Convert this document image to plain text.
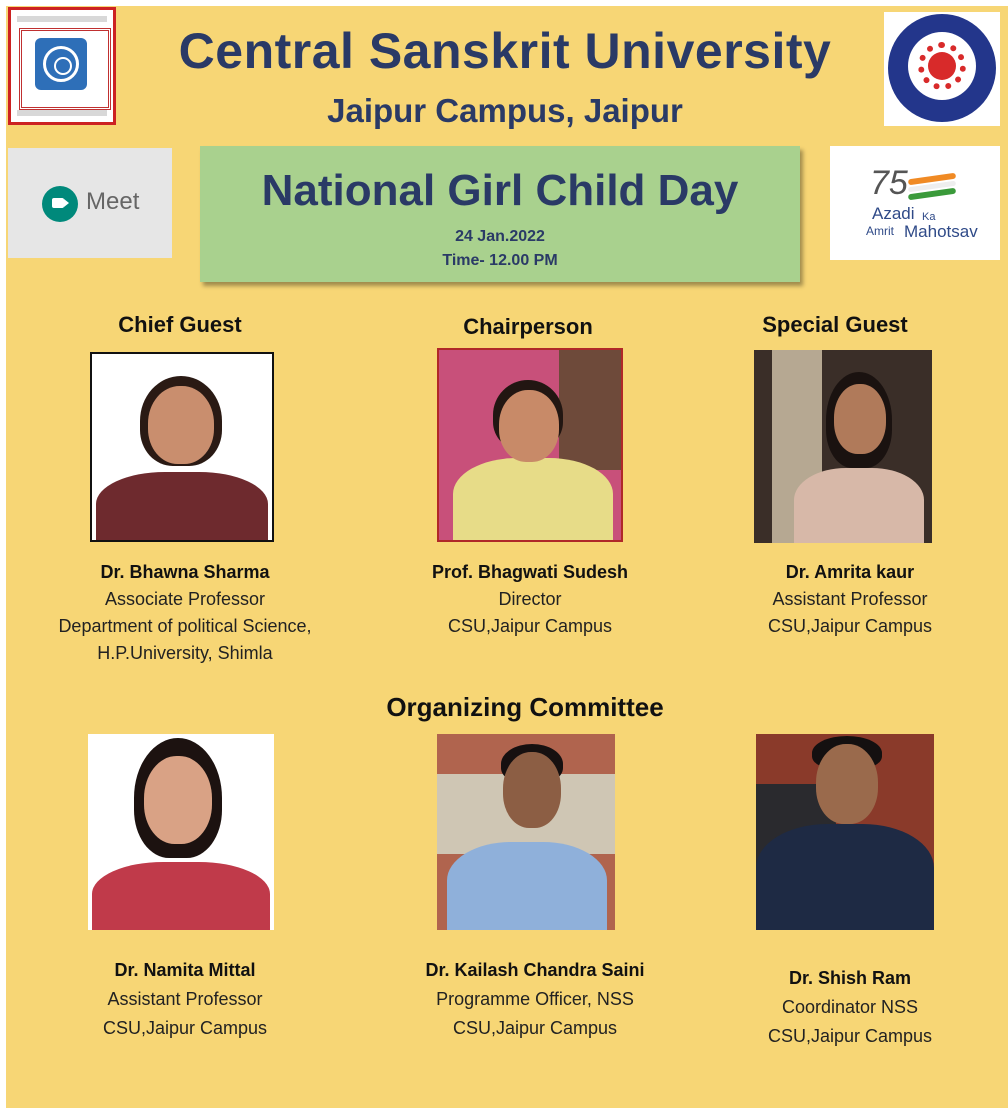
Central Sanskrit University
Jaipur Campus, Jaipur
Meet	National Girl Child Day
24 Jan.2022
Time- 12.00 PM
75
Azadi Ka
Amrit Mahotsav
Chief Guest	Chairperson	Special Guest
Dr. Bhawna Sharma
Associate Professor
Department of political Science,
H.P.University, Shimla
Prof. Bhagwati Sudesh
Director
CSU,Jaipur Campus
Dr. Amrita kaur
Assistant Professor
CSU,Jaipur Campus
Organizing Committee
Dr. Namita Mittal
Assistant Professor
CSU,Jaipur Campus
Dr. Kailash Chandra Saini
Programme Officer, NSS
CSU,Jaipur Campus
Dr. Shish Ram
Coordinator NSS
CSU,Jaipur Campus
